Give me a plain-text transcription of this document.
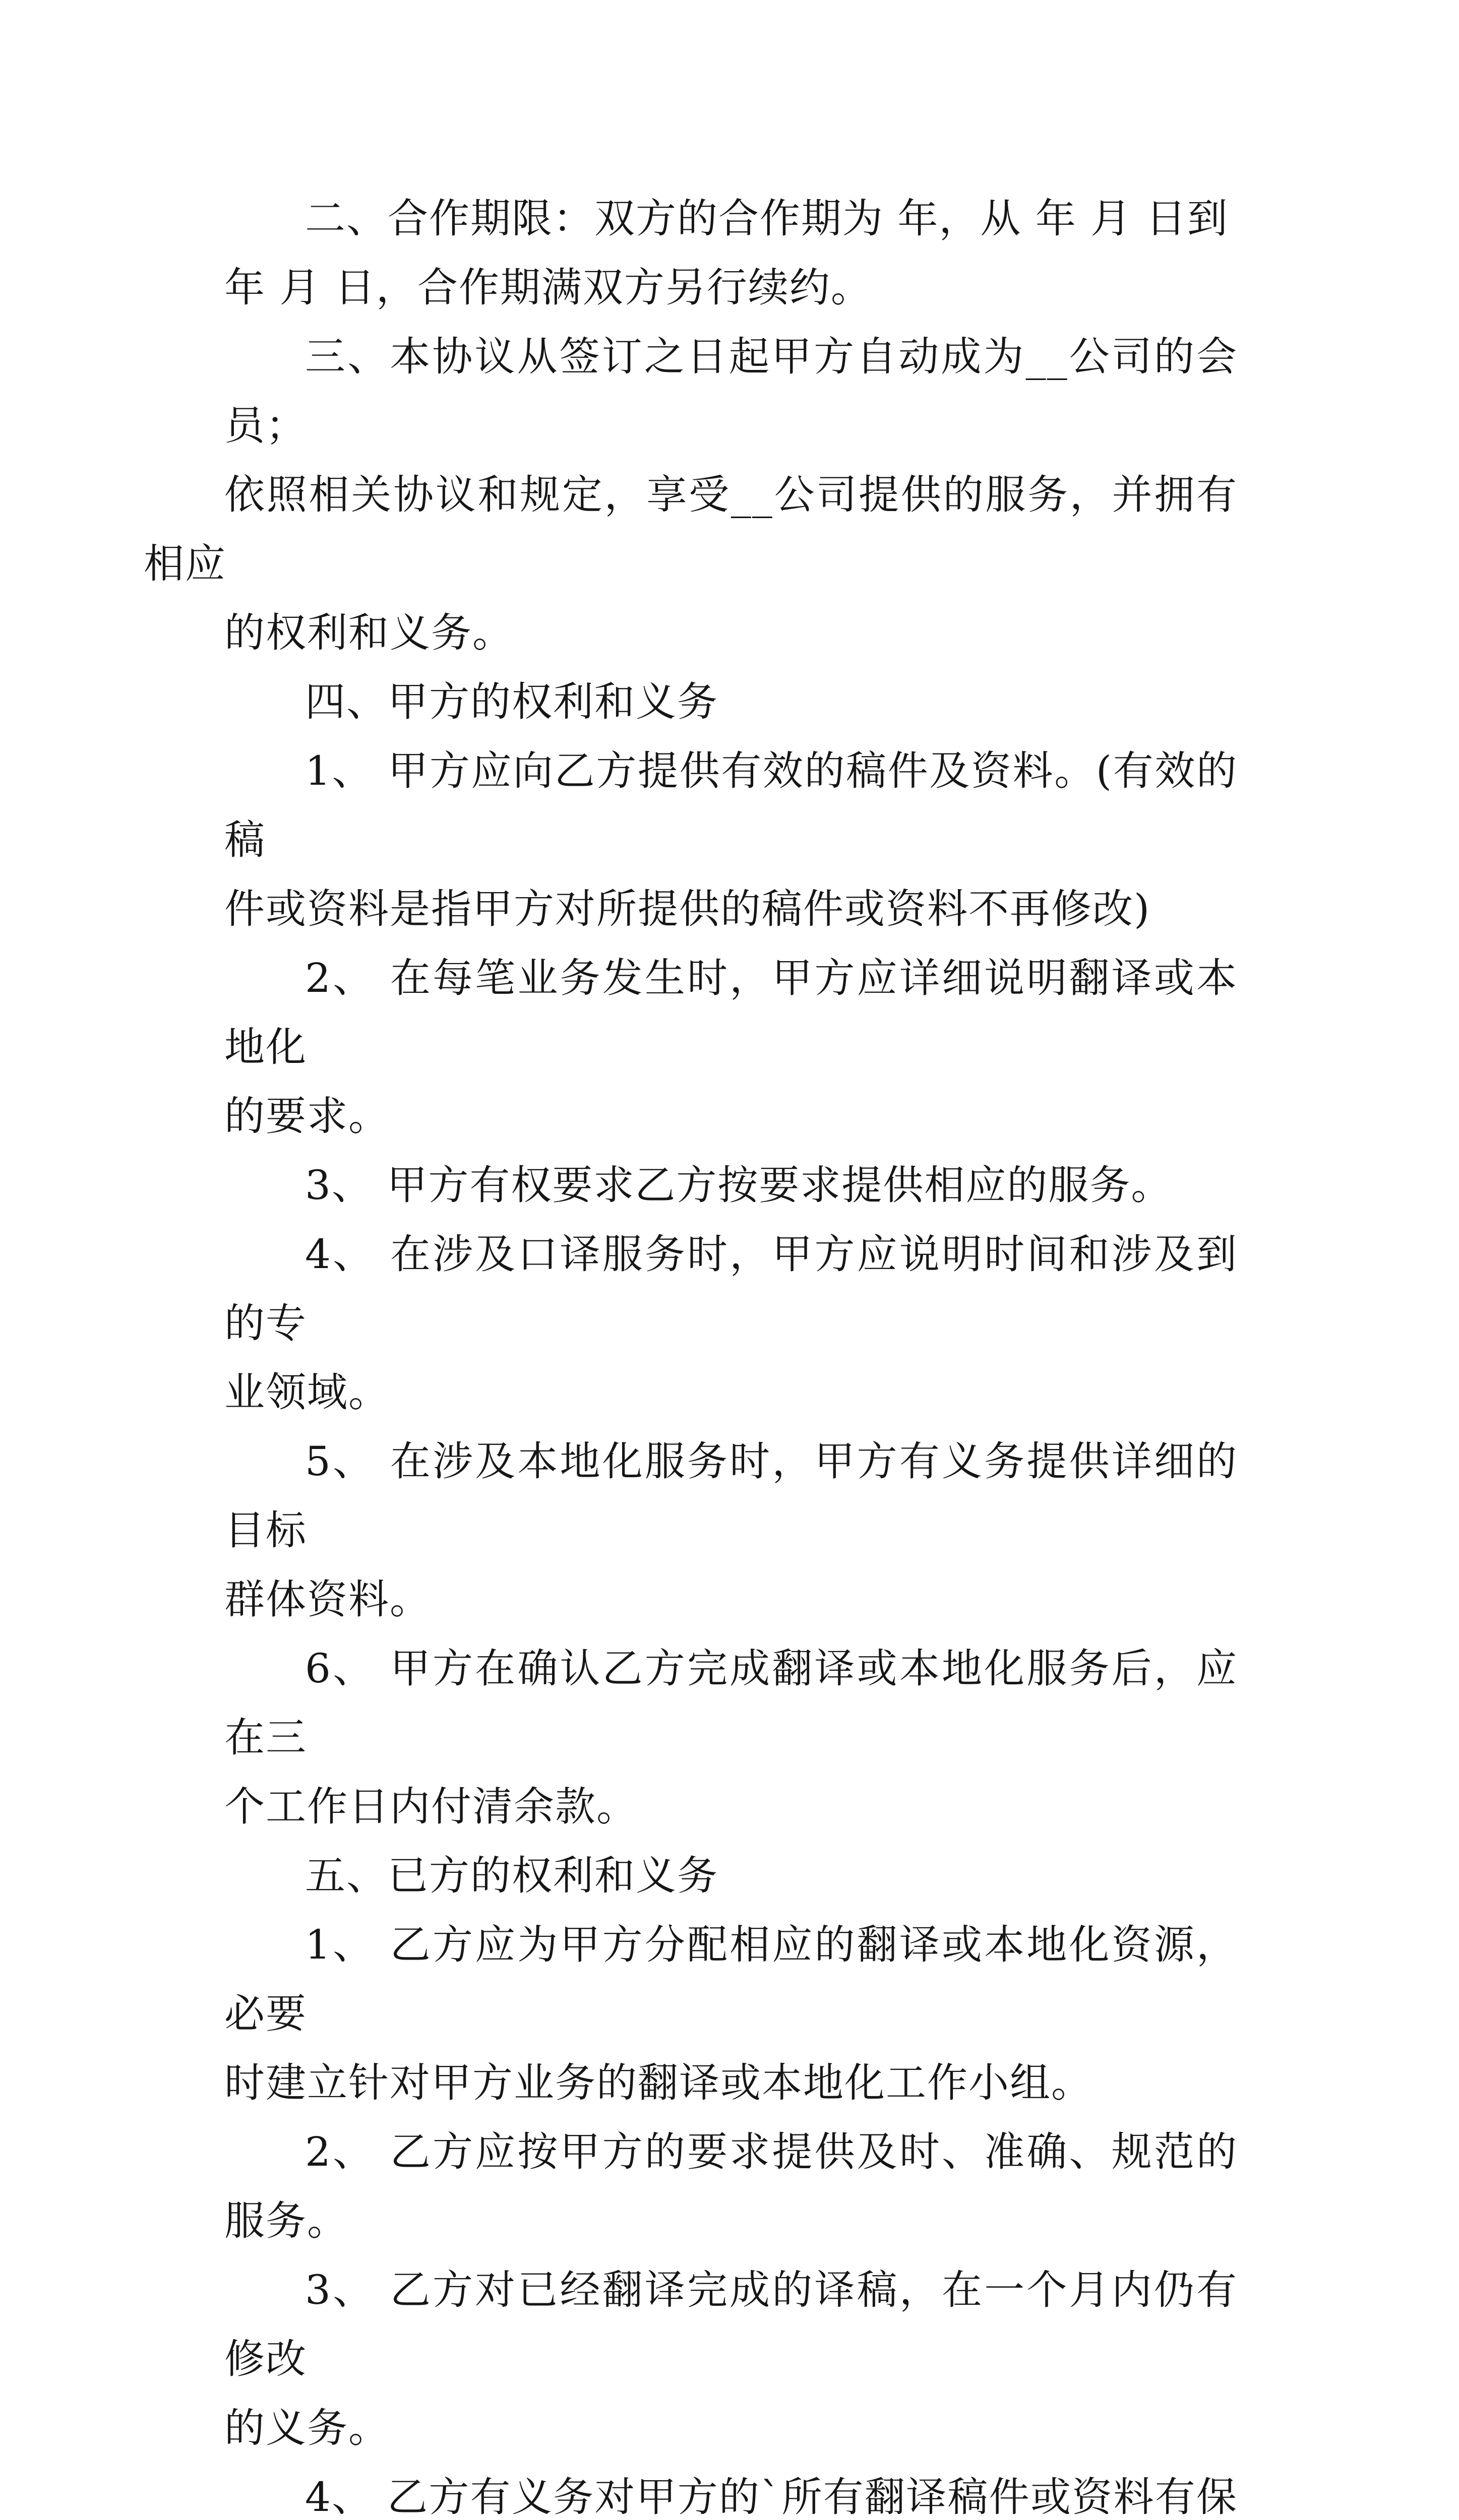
二、合作期限：双方的合作期为 年，从 年 月 日到
年 月 日，合作期满双方另行续约。

三、本协议从签订之日起甲方自动成为__公司的会员；
依照相关协议和规定，享受__公司提供的服务，并拥有相应
的权利和义务。

四、甲方的权利和义务

1、 甲方应向乙方提供有效的稿件及资料。(有效的稿
件或资料是指甲方对所提供的稿件或资料不再修改)

2、 在每笔业务发生时，甲方应详细说明翻译或本地化
的要求。

3、 甲方有权要求乙方按要求提供相应的服务。

4、 在涉及口译服务时，甲方应说明时间和涉及到的专
业领域。

5、 在涉及本地化服务时，甲方有义务提供详细的目标
群体资料。

6、 甲方在确认乙方完成翻译或本地化服务后，应在三
个工作日内付清余款。

五、已方的权利和义务

1、 乙方应为甲方分配相应的翻译或本地化资源，必要
时建立针对甲方业务的翻译或本地化工作小组。

2、 乙方应按甲方的要求提供及时、准确、规范的服务。

3、 乙方对已经翻译完成的译稿，在一个月内仍有修改
的义务。

4、 乙方有义务对甲方的`所有翻译稿件或资料有保
